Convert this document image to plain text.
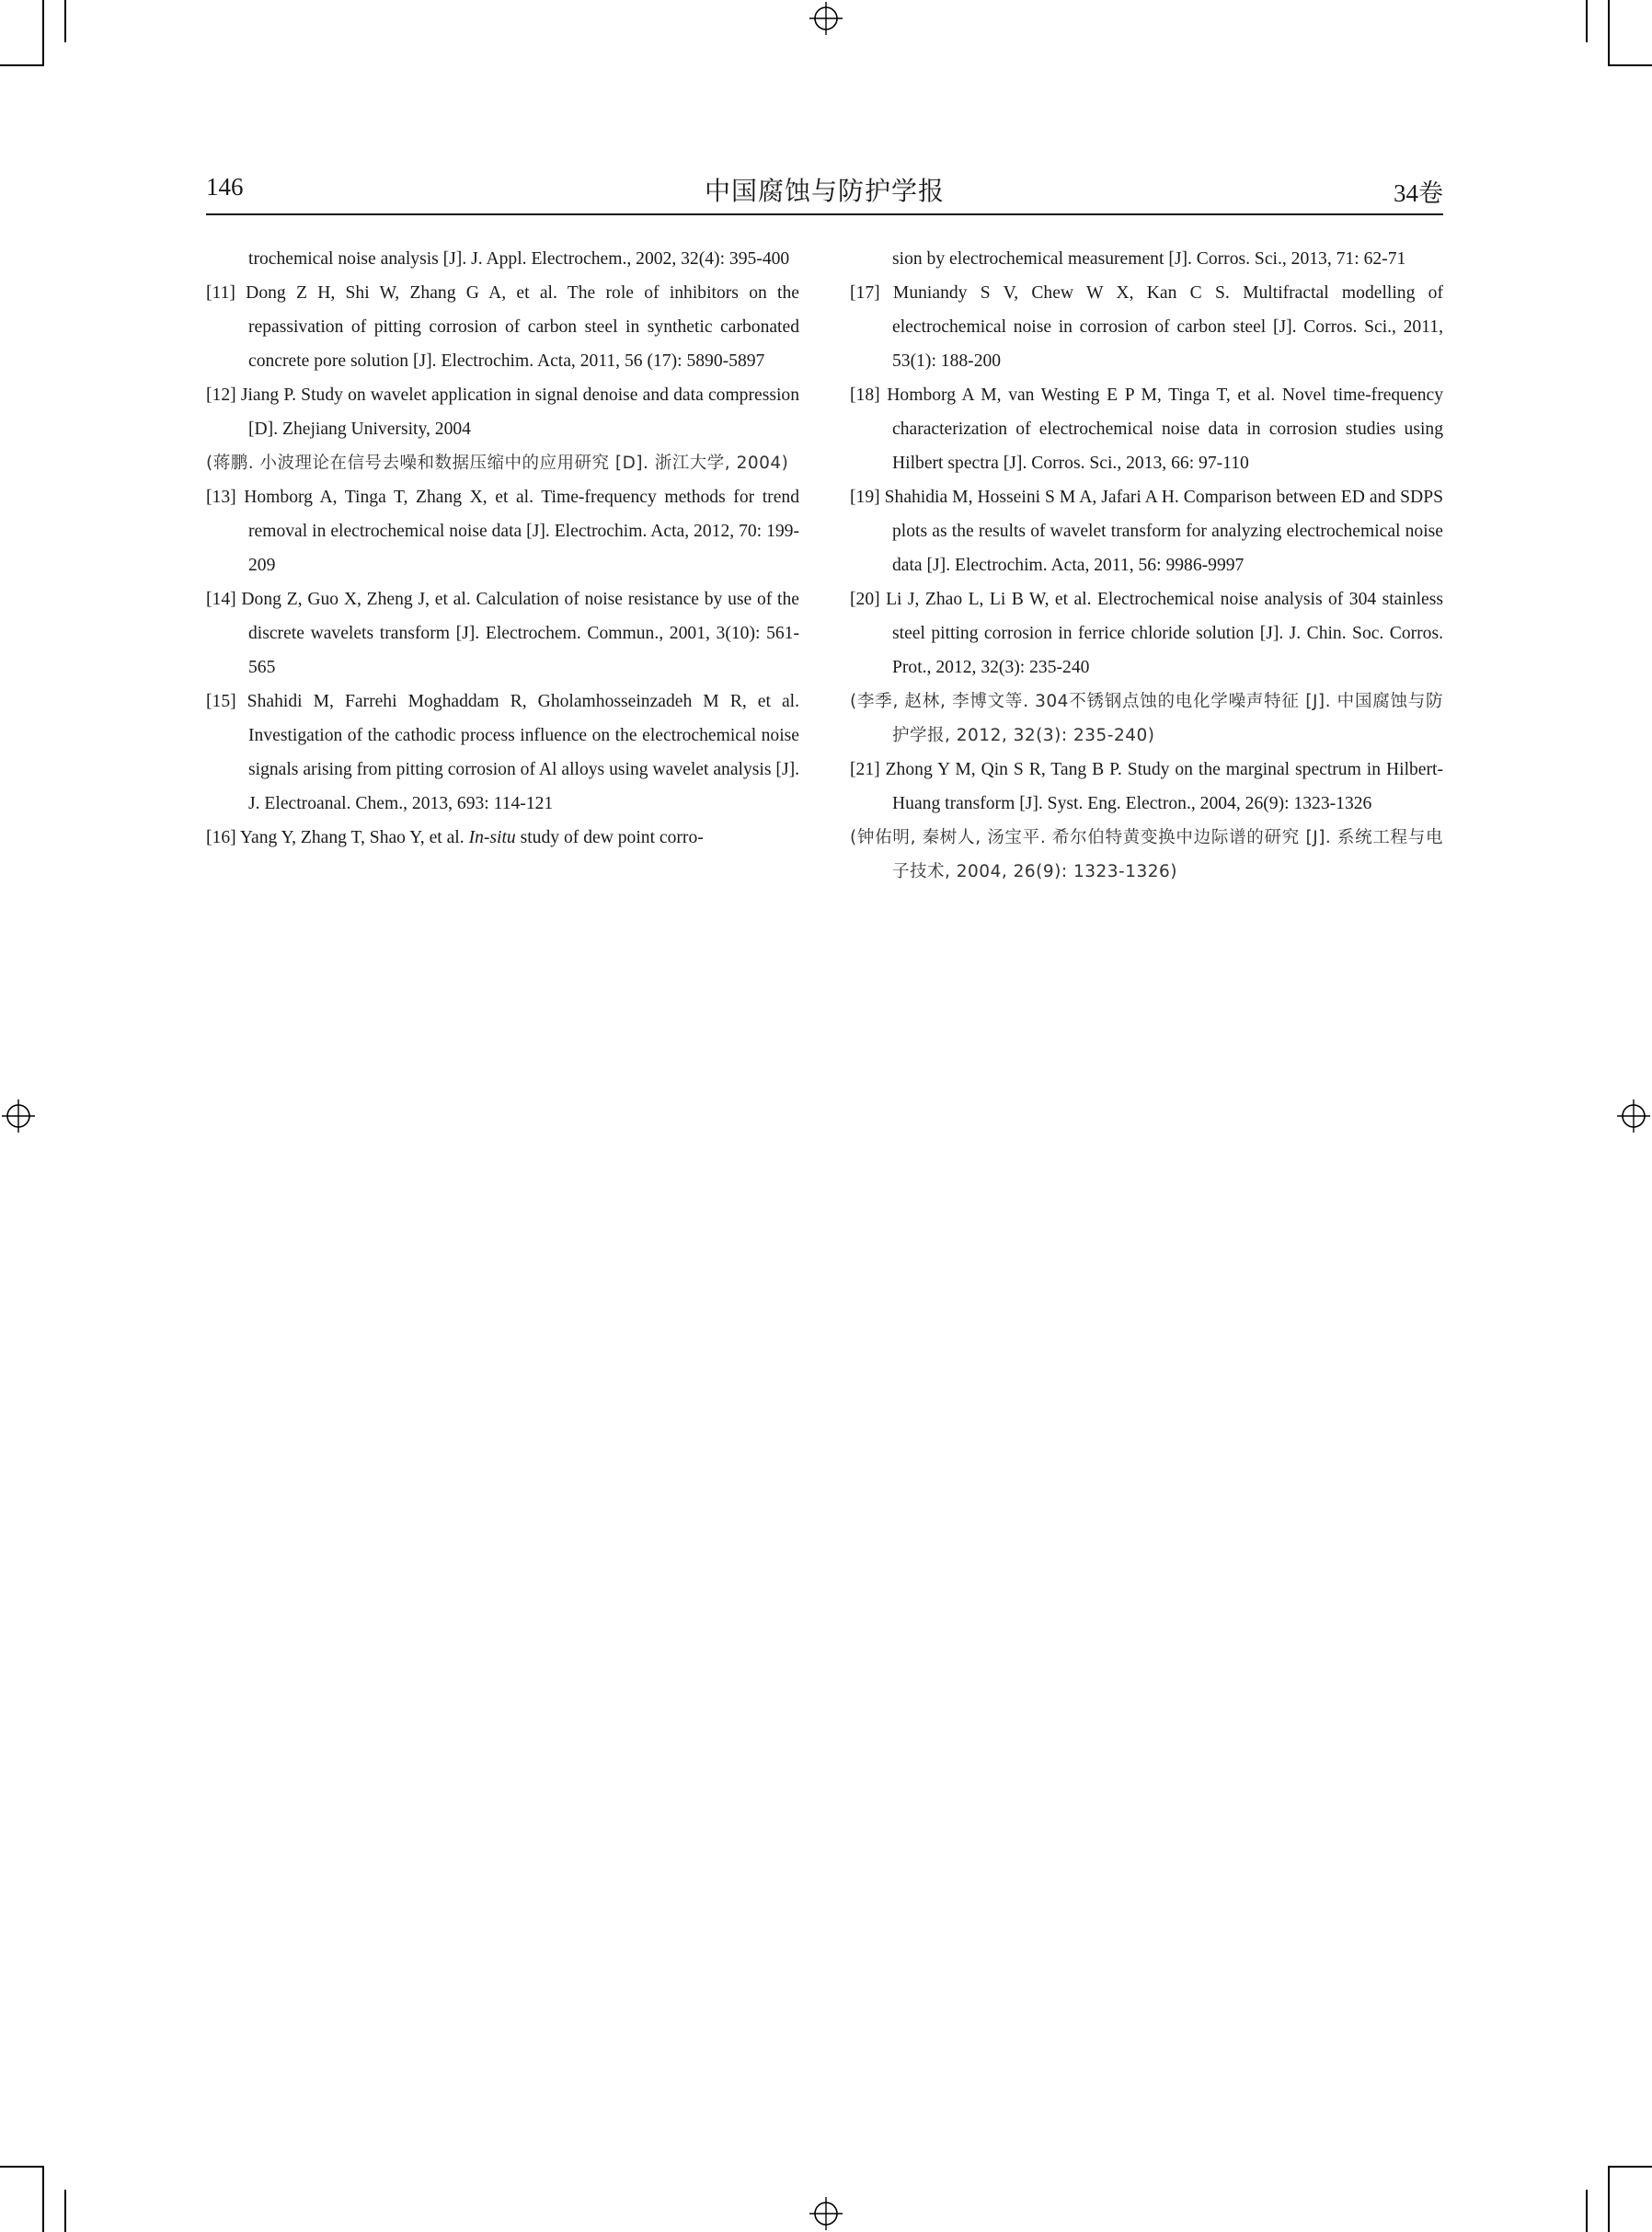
146	中国腐蚀与防护学报	34卷
trochemical noise analysis [J]. J. Appl. Electrochem., 2002, 32(4): 395-400
[11] Dong Z H, Shi W, Zhang G A, et al. The role of inhibitors on the repassivation of pitting corrosion of carbon steel in synthetic carbonated concrete pore solution [J]. Electrochim. Acta, 2011, 56 (17): 5890-5897
[12] Jiang P. Study on wavelet application in signal denoise and data compression [D]. Zhejiang University, 2004
(蒋鹏. 小波理论在信号去噪和数据压缩中的应用研究 [D]. 浙江大学, 2004)
[13] Homborg A, Tinga T, Zhang X, et al. Time-frequency methods for trend removal in electrochemical noise data [J]. Electrochim. Acta, 2012, 70: 199-209
[14] Dong Z, Guo X, Zheng J, et al. Calculation of noise resistance by use of the discrete wavelets transform [J]. Electrochem. Commun., 2001, 3(10): 561-565
[15] Shahidi M, Farrehi Moghaddam R, Gholamhosseinzadeh M R, et al. Investigation of the cathodic process influence on the electrochemical noise signals arising from pitting corrosion of Al alloys using wavelet analysis [J]. J. Electroanal. Chem., 2013, 693: 114-121
[16] Yang Y, Zhang T, Shao Y, et al. In-situ study of dew point corro-
sion by electrochemical measurement [J]. Corros. Sci., 2013, 71: 62-71
[17] Muniandy S V, Chew W X, Kan C S. Multifractal modelling of electrochemical noise in corrosion of carbon steel [J]. Corros. Sci., 2011, 53(1): 188-200
[18] Homborg A M, van Westing E P M, Tinga T, et al. Novel time-frequency characterization of electrochemical noise data in corrosion studies using Hilbert spectra [J]. Corros. Sci., 2013, 66: 97-110
[19] Shahidia M, Hosseini S M A, Jafari A H. Comparison between ED and SDPS plots as the results of wavelet transform for analyzing electrochemical noise data [J]. Electrochim. Acta, 2011, 56: 9986-9997
[20] Li J, Zhao L, Li B W, et al. Electrochemical noise analysis of 304 stainless steel pitting corrosion in ferrice chloride solution [J]. J. Chin. Soc. Corros. Prot., 2012, 32(3): 235-240
(李季, 赵林, 李博文等. 304不锈钢点蚀的电化学噪声特征 [J]. 中国腐蚀与防护学报, 2012, 32(3): 235-240)
[21] Zhong Y M, Qin S R, Tang B P. Study on the marginal spectrum in Hilbert- Huang transform [J]. Syst. Eng. Electron., 2004, 26(9): 1323-1326
(钟佑明, 秦树人, 汤宝平. 希尔伯特黄变换中边际谱的研究 [J]. 系统工程与电子技术, 2004, 26(9): 1323-1326)
